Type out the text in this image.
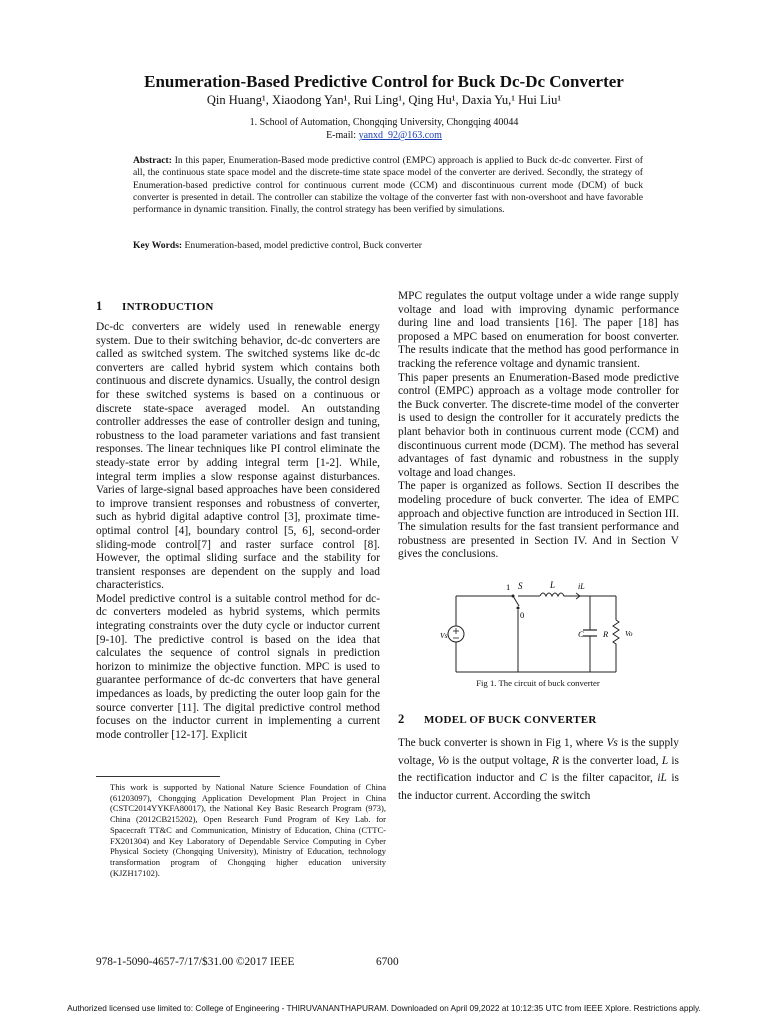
Enumeration-Based Predictive Control for Buck Dc-Dc Converter
Qin Huang¹, Xiaodong Yan¹, Rui Ling¹, Qing Hu¹, Daxia Yu,¹ Hui Liu¹
1. School of Automation, Chongqing University, Chongqing 40044
E-mail: yanxd_92@163.com
Abstract: In this paper, Enumeration-Based mode predictive control (EMPC) approach is applied to Buck dc-dc converter. First of all, the continuous state space model and the discrete-time state space model of the converter are derived. Secondly, the strategy of Enumeration-based predictive control for continuous current mode (CCM) and discontinuous current mode (DCM) of buck converter is presented in detail. The controller can stabilize the voltage of the converter fast with non-overshoot and have favorable performance in dynamic transition. Finally, the control strategy has been verified by simulations.
Key Words: Enumeration-based, model predictive control, Buck converter
1 INTRODUCTION

Dc-dc converters are widely used in renewable energy system. Due to their switching behavior, dc-dc converters are called as switched system. The switched systems like dc-dc converters are called hybrid system which contains both continuous and discrete dynamics. Usually, the control design for these switched systems is based on a continuous or discrete state-space averaged model. An outstanding controller addresses the ease of controller design and tuning, robustness to the load parameter variations and fast transient responses. The linear techniques like PI control eliminate the steady-state error by adding integral term [1-2]. While, integral term implies a slow response against disturbances. Varies of large-signal based approaches have been considered to improve transient responses and robustness of converter, such as hybrid digital adaptive control [3], proximate time-optimal control [4], boundary control [5, 6], second-order sliding-mode control[7] and raster surface control [8]. However, the optimal sliding surface and the stability for transient responses are dependent on the supply and load characteristics.

Model predictive control is a suitable control method for dc-dc converters modeled as hybrid systems, which permits integrating constraints over the duty cycle or inductor current [9-10]. The predictive control is based on the idea that calculates the sequence of control signals in prediction horizon to minimize the objective function. MPC is used to guarantee performance of dc-dc converters that have general impedances as loads, by predicting the outer loop gain for the source converter [11]. The digital predictive control method focuses on the inductor current in implementing a current mode controller [12-17]. Explicit

MPC regulates the output voltage under a wide range supply voltage and load with improving dynamic performance during line and load transients [16]. The paper [18] has proposed a MPC based on enumeration for boost converter. The results indicate that the method has good performance in tracking the reference voltage and dynamic transient.

This paper presents an Enumeration-Based mode predictive control (EMPC) approach as a voltage mode controller for the Buck converter. The discrete-time model of the converter is used to design the controller for it accurately predicts the plant behavior both in continuous current mode (CCM) and discontinuous current mode (DCM). The method has several advantages of fast dynamic and robustness in the supply voltage and load changes.

The paper is organized as follows. Section II describes the modeling procedure of buck converter. The idea of EMPC approach and objective function are introduced in Section III. The simulation results for the fast transient performance and robustness are presented in Section IV. And in Section V gives the conclusions.

1
0
S	L	iL
Vs	C R Vo
Fig 1. The circuit of buck converter
2 MODEL OF BUCK CONVERTER
The buck converter is shown in Fig 1, where Vs is the supply voltage, Vo is the output voltage, R is the converter load, L is the rectification inductor and C is the filter capacitor, iL is the inductor current. According the switch
This work is supported by National Nature Science Foundation of China (61203097), Chongqing Application Development Plan Project in China (CSTC2014YYKFA80017), the National Key Basic Research Program (973), China (2012CB215202), Open Research Fund Program of Key Lab. for Spacecraft TT&C and Communication, Ministry of Education, China (CTTC-FX201304) and Key Laboratory of Dependable Service Computing in Cyber Physical Society (Chongqing University), Ministry of Education, technology transformation program of Chongqing higher education university (KJZH17102).
978-1-5090-4657-7/17/$31.00 ©2017 IEEE	6700
Authorized licensed use limited to: College of Engineering - THIRUVANANTHAPURAM. Downloaded on April 09,2022 at 10:12:35 UTC from IEEE Xplore. Restrictions apply.
